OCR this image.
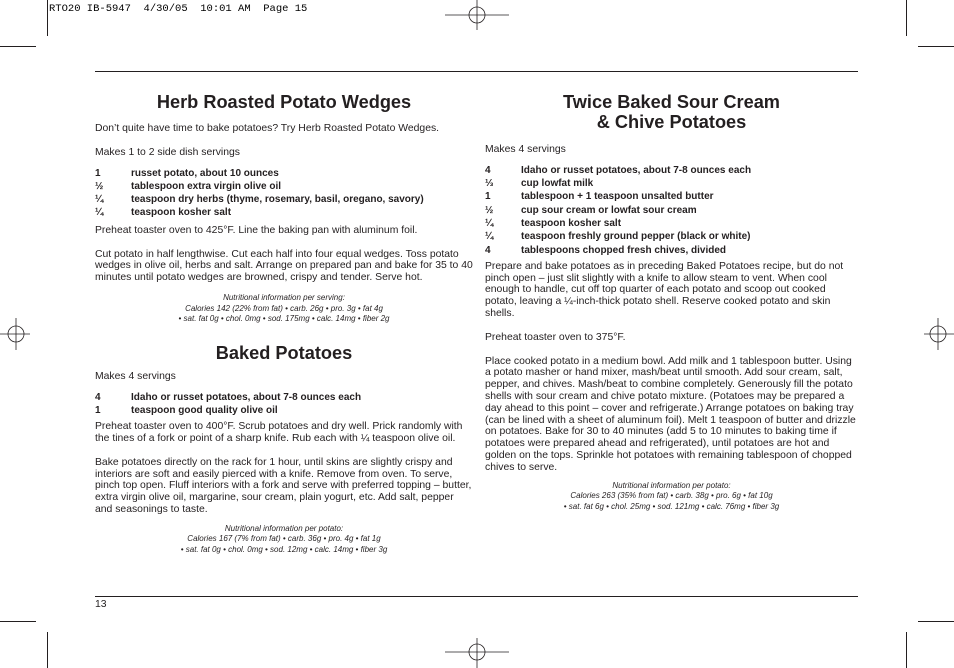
RTO20 IB-5947  4/30/05  10:01 AM  Page 15
Herb Roasted Potato Wedges

Don’t quite have time to bake potatoes? Try Herb Roasted Potato Wedges.

Makes 1 to 2 side dish servings

1	russet potato, about 10 ounces
½	tablespoon extra virgin olive oil
¼	teaspoon dry herbs (thyme, rosemary, basil, oregano, savory)
¼	teaspoon kosher salt

Preheat toaster oven to 425°F. Line the baking pan with aluminum foil.

Cut potato in half lengthwise. Cut each half into four equal wedges. Toss potato wedges in olive oil, herbs and salt. Arrange on prepared pan and bake for 35 to 40 minutes until potato wedges are browned, crispy and tender. Serve hot.

Nutritional information per serving:
Calories 142 (22% from fat) • carb. 26g • pro. 3g • fat 4g
• sat. fat 0g • chol. 0mg • sod. 175mg • calc. 14mg • fiber 2g
Baked Potatoes

Makes 4 servings

4	Idaho or russet potatoes, about 7-8 ounces each
1	teaspoon good quality olive oil

Preheat toaster oven to 400°F. Scrub potatoes and dry well. Prick randomly with the tines of a fork or point of a sharp knife. Rub each with ¼ teaspoon olive oil.

Bake potatoes directly on the rack for 1 hour, until skins are slightly crispy and interiors are soft and easily pierced with a knife. Remove from oven. To serve, pinch top open. Fluff interiors with a fork and serve with preferred topping – butter, extra virgin olive oil, margarine, sour cream, plain yogurt, etc. Add salt, pepper and seasonings to taste.

Nutritional information per potato:
Calories 167 (7% from fat) • carb. 36g • pro. 4g • fat 1g
• sat. fat 0g • chol. 0mg • sod. 12mg • calc. 14mg • fiber 3g
Twice Baked Sour Cream
& Chive Potatoes

Makes 4 servings

4	Idaho or russet potatoes, about 7-8 ounces each
⅓	cup lowfat milk
1	tablespoon + 1 teaspoon unsalted butter
½	cup sour cream or lowfat sour cream
¼	teaspoon kosher salt
¼	teaspoon freshly ground pepper (black or white)
4	tablespoons chopped fresh chives, divided

Prepare and bake potatoes as in preceding Baked Potatoes recipe, but do not pinch open – just slit slightly with a knife to allow steam to vent. When cool enough to handle, cut off top quarter of each potato and scoop out cooked potato, leaving a ¼-inch-thick potato shell. Reserve cooked potato and skin shells.

Preheat toaster oven to 375°F.

Place cooked potato in a medium bowl. Add milk and 1 tablespoon butter. Using a potato masher or hand mixer, mash/beat until smooth. Add sour cream, salt, pepper, and chives. Mash/beat to combine completely. Generously fill the potato shells with sour cream and chive potato mixture. (Potatoes may be prepared a day ahead to this point – cover and refrigerate.) Arrange potatoes on baking tray (can be lined with a sheet of aluminum foil). Melt 1 teaspoon of butter and drizzle on potatoes. Bake for 30 to 40 minutes (add 5 to 10 minutes to baking time if potatoes were prepared ahead and refrigerated), until potatoes are hot and golden on the tops. Sprinkle hot potatoes with remaining tablespoon of chopped chives to serve.

Nutritional information per potato:
Calories 263 (35% from fat) • carb. 38g • pro. 6g • fat 10g
• sat. fat 6g • chol. 25mg • sod. 121mg • calc. 76mg • fiber 3g
13
